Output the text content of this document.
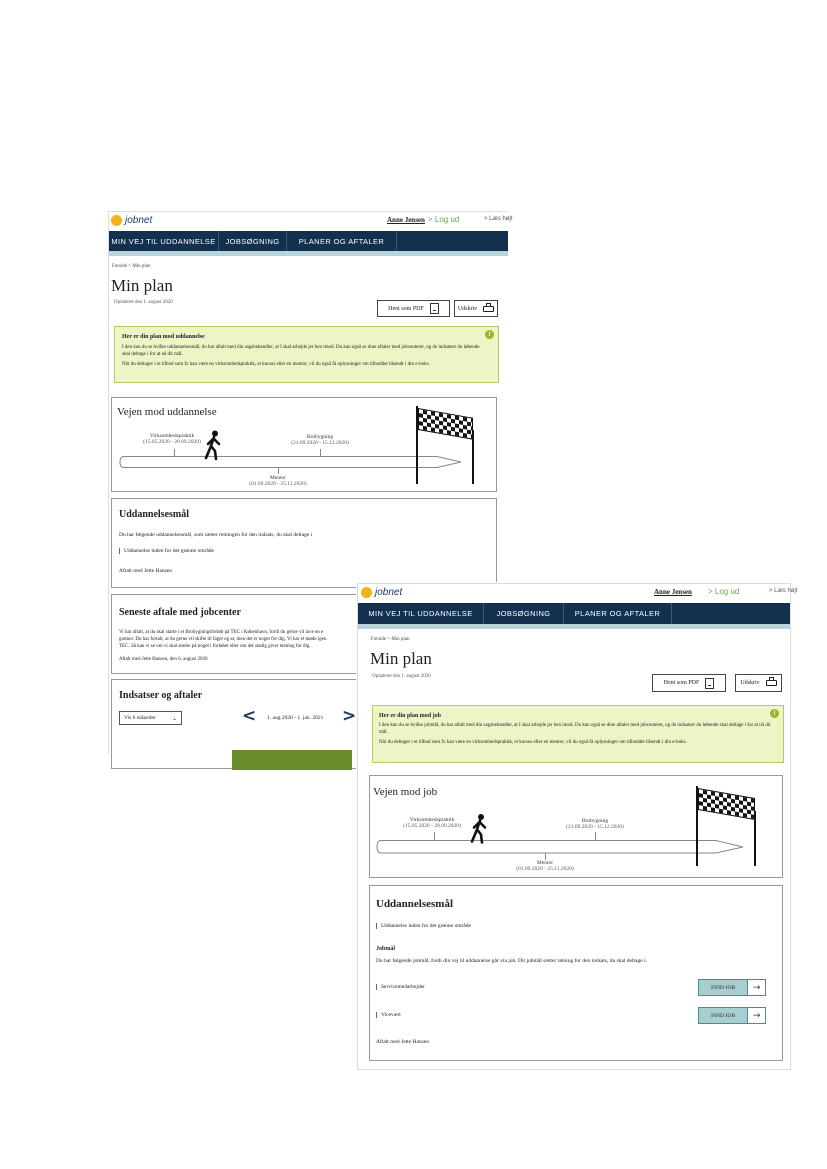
jobnet	Anne Jensen > Log ud	> Læs højt
MIN VEJ TIL UDDANNELSE	JOBSØGNING	PLANER OG AFTALER
Forside > Min plan
Min plan
Opdateret den 1. august 2020
Hent som PDF	Udskriv
Her er din plan mod uddannelse
I den kan du se hvilke uddannelsesmål, du har aftalt med din sagsbehandler, at I skal arbejde jer hen imod. Du kan også se dine aftaler med jobcenteret, og de indsatser du løbende skal deltage i for at nå dit mål.
Når du deltager i et tilbud som fx kan være en virksomhedspraktik, et kursus eller en mentor, vil du også få oplysninger om tilbuddet tilsendt i din e-boks.
!
Vejen mod uddannelse
Virksomhedspraktik
(15.05.2020 - 20.09.2020)
Brobygning
(21.09.2020 - 15.12.2020)
Mentor
(01.09.2020 - 25.11.2020)
Uddannelsesmål
Du har følgende uddannelsesmål, som sætter retningen for den indsats, du skal deltage i
Uddannelse inden for det grønne område
Aftalt med Jette Hansen
Seneste aftale med jobcenter
Vi har aftalt, at du skal starte i et Brobygningsforløb på TEC i København, fordi du gerne vil lave en e
gartner. Du har fortalt, at du gerne vil skifte til faget og at, men det er noget for dig. Vi har et møde igen
TEC. Så kan vi se om vi skal ændre på noget i forløbet eller om det stadig giver mening for dig.
Aftalt med Jette Hansen, den 6. august 2020
Indsatser og aftaler
Vis 6 måneder	⌄	< 1. aug 2020 - 1. jan. 2021 >
jobnet	Anne Jensen > Log ud	> Læs højt
MIN VEJ TIL UDDANNELSE	JOBSØGNING	PLANER OG AFTALER
Forside > Min plan
Min plan
Opdateret den 1. august 2020
Hent som PDF	Udskriv
Her er din plan mod job
I den kan du se hvilke jobmål, du har aftalt med din sagsbehandler, at I skal arbejde jer hen imod. Du kan også se dine aftaler med jobcenteret, og de indsatser du løbende skal deltage i for at nå dit mål.
Når du deltager i et tilbud som fx kan være en virksomhedspraktik, et kursus eller en mentor, vil du også få oplysninger om tilbuddet tilsendt i din e-boks.
!
Vejen mod job
Virksomhedspraktik
(15.05.2020 - 20.09.2020)
Brobygning
(21.09.2020 - 15.12.2020)
Mentor
(01.09.2020 - 25.11.2020)
Uddannelsesmål
Uddannelse inden for det grønne område
Jobmål
Du har følgende jobmål, fordi din vej til uddannelse går via job. Dit jobmål sætter retning for den indsats, du skal deltage i.
Servicemedarbejder	FIND JOB	→
Vicevært	FIND JOB	→
Aftalt med Jette Hansen
